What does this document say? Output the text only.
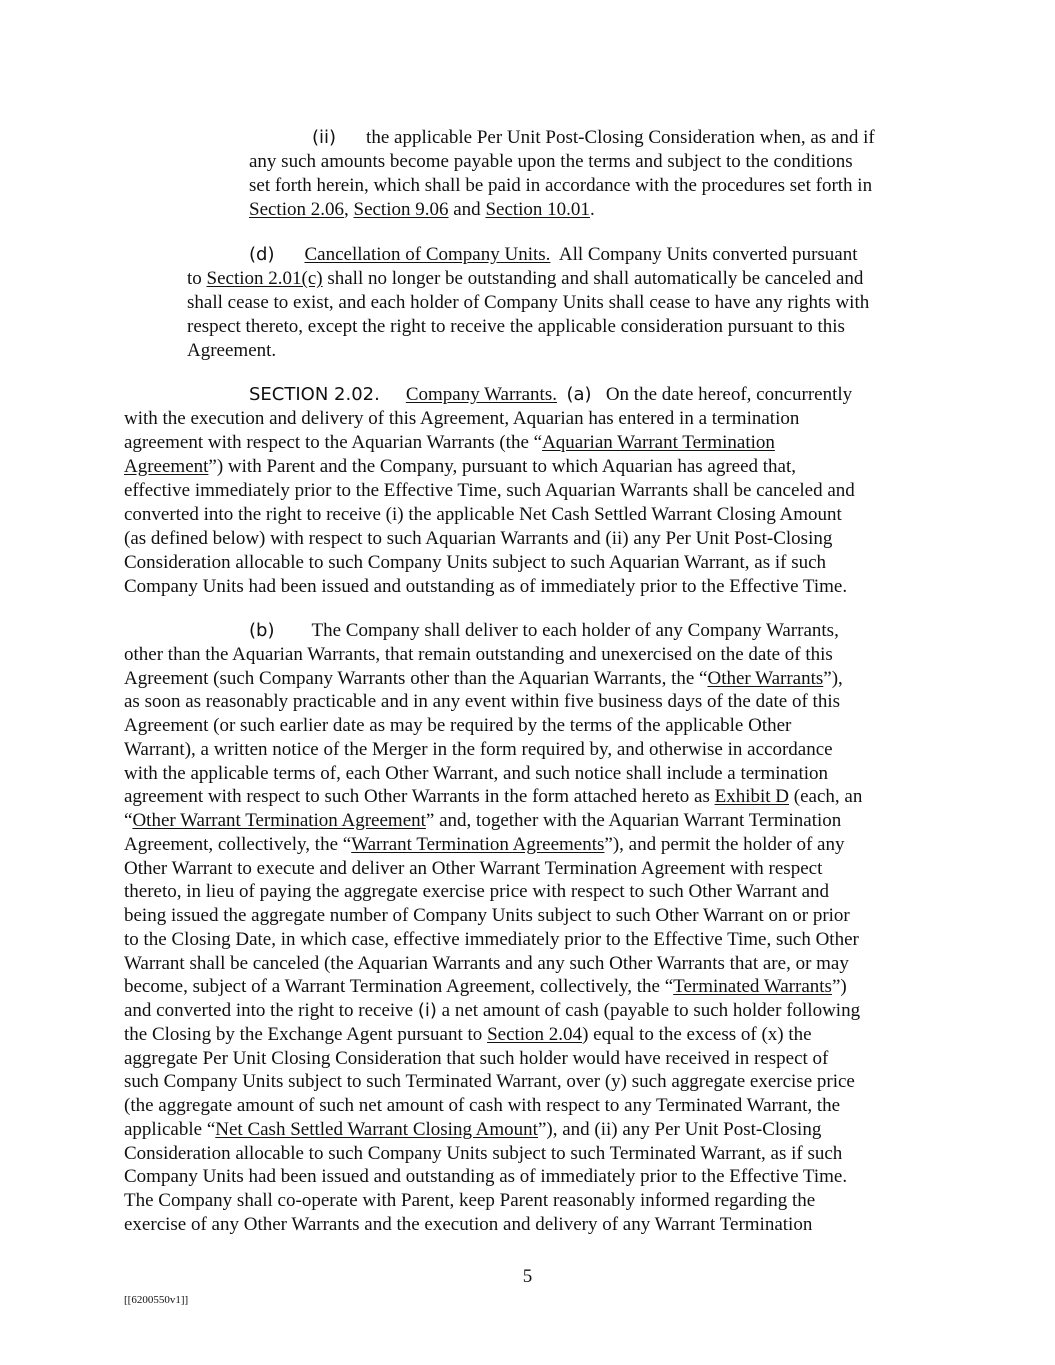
(ii) the applicable Per Unit Post-Closing Consideration when, as and if
any such amounts become payable upon the terms and subject to the conditions
set forth herein, which shall be paid in accordance with the procedures set forth in
Section 2.06, Section 9.06 and Section 10.01.
(d) Cancellation of Company Units.  All Company Units converted pursuant
to Section 2.01(c) shall no longer be outstanding and shall automatically be canceled and
shall cease to exist, and each holder of Company Units shall cease to have any rights with
respect thereto, except the right to receive the applicable consideration pursuant to this
Agreement.
SECTION 2.02. Company Warrants. (a) On the date hereof, concurrently
with the execution and delivery of this Agreement, Aquarian has entered in a termination
agreement with respect to the Aquarian Warrants (the “Aquarian Warrant Termination
Agreement”) with Parent and the Company, pursuant to which Aquarian has agreed that,
effective immediately prior to the Effective Time, such Aquarian Warrants shall be canceled and
converted into the right to receive (i) the applicable Net Cash Settled Warrant Closing Amount
(as defined below) with respect to such Aquarian Warrants and (ii) any Per Unit Post-Closing
Consideration allocable to such Company Units subject to such Aquarian Warrant, as if such
Company Units had been issued and outstanding as of immediately prior to the Effective Time.
(b) The Company shall deliver to each holder of any Company Warrants,
other than the Aquarian Warrants, that remain outstanding and unexercised on the date of this
Agreement (such Company Warrants other than the Aquarian Warrants, the “Other Warrants”),
as soon as reasonably practicable and in any event within five business days of the date of this
Agreement (or such earlier date as may be required by the terms of the applicable Other
Warrant), a written notice of the Merger in the form required by, and otherwise in accordance
with the applicable terms of, each Other Warrant, and such notice shall include a termination
agreement with respect to such Other Warrants in the form attached hereto as Exhibit D (each, an
“Other Warrant Termination Agreement” and, together with the Aquarian Warrant Termination
Agreement, collectively, the “Warrant Termination Agreements”), and permit the holder of any
Other Warrant to execute and deliver an Other Warrant Termination Agreement with respect
thereto, in lieu of paying the aggregate exercise price with respect to such Other Warrant and
being issued the aggregate number of Company Units subject to such Other Warrant on or prior
to the Closing Date, in which case, effective immediately prior to the Effective Time, such Other
Warrant shall be canceled (the Aquarian Warrants and any such Other Warrants that are, or may
become, subject of a Warrant Termination Agreement, collectively, the “Terminated Warrants”)
and converted into the right to receive (i) a net amount of cash (payable to such holder following
the Closing by the Exchange Agent pursuant to Section 2.04) equal to the excess of (x) the
aggregate Per Unit Closing Consideration that such holder would have received in respect of
such Company Units subject to such Terminated Warrant, over (y) such aggregate exercise price
(the aggregate amount of such net amount of cash with respect to any Terminated Warrant, the
applicable “Net Cash Settled Warrant Closing Amount”), and (ii) any Per Unit Post-Closing
Consideration allocable to such Company Units subject to such Terminated Warrant, as if such
Company Units had been issued and outstanding as of immediately prior to the Effective Time.
The Company shall co-operate with Parent, keep Parent reasonably informed regarding the
exercise of any Other Warrants and the execution and delivery of any Warrant Termination
5
[[6200550v1]]
